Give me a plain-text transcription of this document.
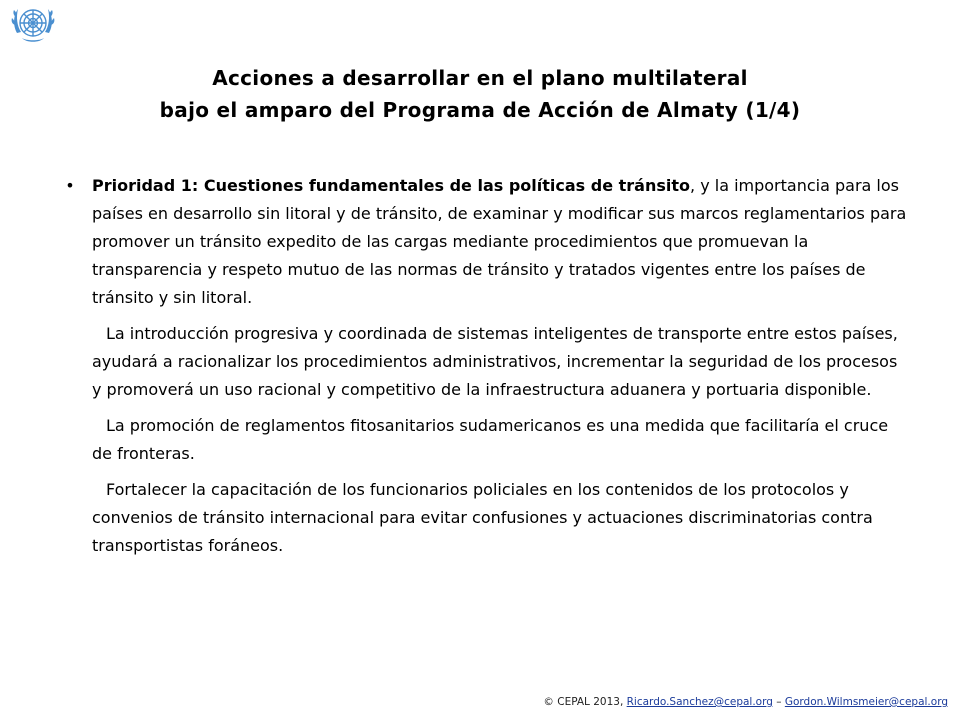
Acciones a desarrollar en el plano multilateral
bajo el amparo del Programa de Acción de Almaty (1/4)
•	Prioridad 1: Cuestiones fundamentales de las políticas de tránsito, y la importancia para los países en desarrollo sin litoral y de tránsito, de examinar y modificar sus marcos reglamentarios para promover un tránsito expedito de las cargas mediante procedimientos que promuevan la transparencia y respeto mutuo de las normas de tránsito y tratados vigentes entre los países de tránsito y sin litoral.
La introducción progresiva y coordinada de sistemas inteligentes de transporte entre estos países, ayudará a racionalizar los procedimientos administrativos, incrementar la seguridad de los procesos y promoverá un uso racional y competitivo de la infraestructura aduanera y portuaria disponible.
La promoción de reglamentos fitosanitarios sudamericanos es una medida que facilitaría el cruce de fronteras.
Fortalecer la capacitación de los funcionarios policiales en los contenidos de los protocolos y convenios de tránsito internacional para evitar confusiones y actuaciones discriminatorias contra transportistas foráneos.
© CEPAL 2013, Ricardo.Sanchez@cepal.org – Gordon.Wilmsmeier@cepal.org
